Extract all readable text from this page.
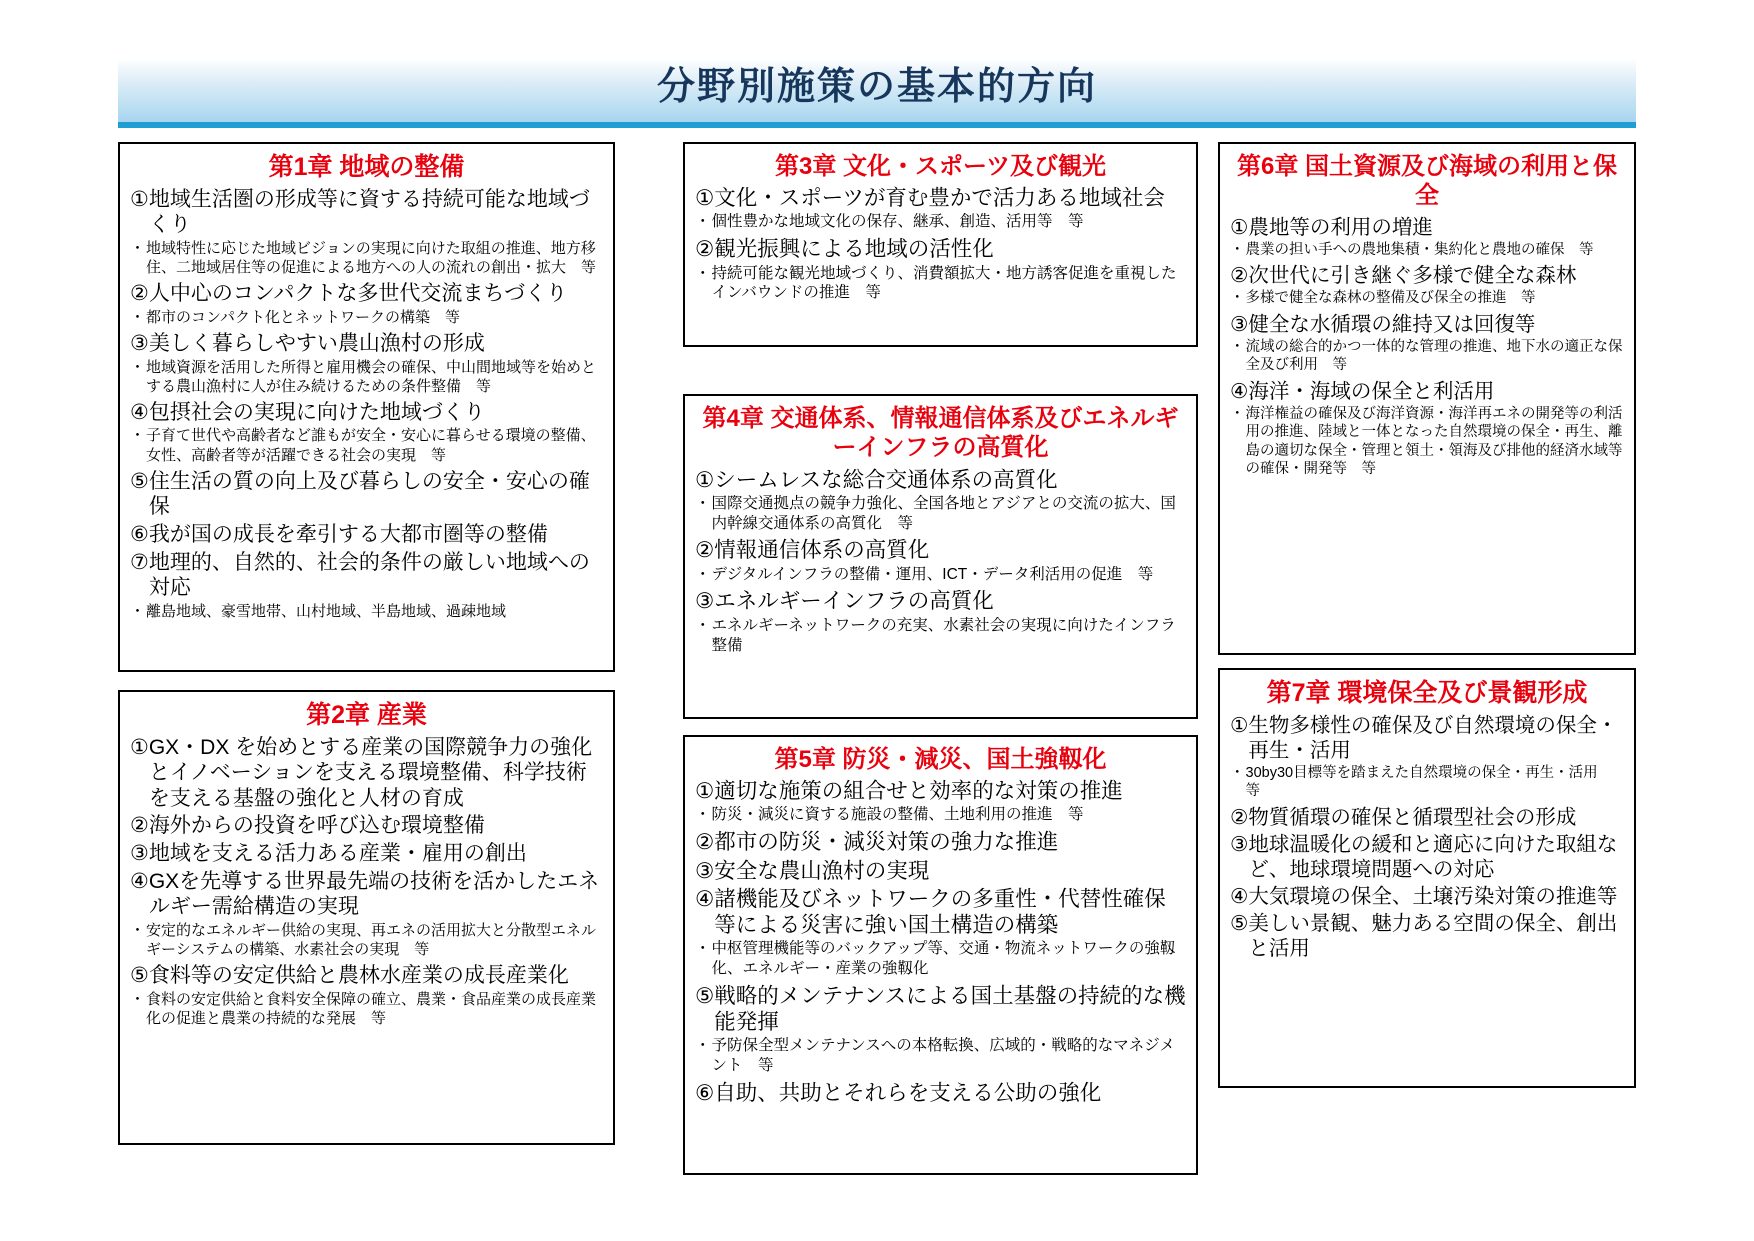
分野別施策の基本的方向
第1章 地域の整備
① 地域生活圏の形成等に資する持続可能な地域づくり
・ 地域特性に応じた地域ビジョンの実現に向けた取組の推進、地方移住、二地域居住等の促進による地方への人の流れの創出・拡大　等
② 人中心のコンパクトな多世代交流まちづくり
・ 都市のコンパクト化とネットワークの構築　等
③ 美しく暮らしやすい農山漁村の形成
・ 地域資源を活用した所得と雇用機会の確保、中山間地域等を始めとする農山漁村に人が住み続けるための条件整備　等
④ 包摂社会の実現に向けた地域づくり
・ 子育て世代や高齢者など誰もが安全・安心に暮らせる環境の整備、女性、高齢者等が活躍できる社会の実現　等
⑤ 住生活の質の向上及び暮らしの安全・安心の確保
⑥ 我が国の成長を牽引する大都市圏等の整備
⑦ 地理的、自然的、社会的条件の厳しい地域への対応
・ 離島地域、豪雪地帯、山村地域、半島地域、過疎地域
第2章 産業
① GX・DX を始めとする産業の国際競争力の強化とイノベーションを支える環境整備、科学技術を支える基盤の強化と人材の育成
② 海外からの投資を呼び込む環境整備
③ 地域を支える活力ある産業・雇用の創出
④ GXを先導する世界最先端の技術を活かしたエネルギー需給構造の実現
・ 安定的なエネルギー供給の実現、再エネの活用拡大と分散型エネルギーシステムの構築、水素社会の実現　等
⑤ 食料等の安定供給と農林水産業の成長産業化
・ 食料の安定供給と食料安全保障の確立、農業・食品産業の成長産業化の促進と農業の持続的な発展　等
第3章 文化・スポーツ及び観光
① 文化・スポーツが育む豊かで活力ある地域社会
・ 個性豊かな地域文化の保存、継承、創造、活用等　等
② 観光振興による地域の活性化
・ 持続可能な観光地域づくり、消費額拡大・地方誘客促進を重視したインバウンドの推進　等
第4章 交通体系、情報通信体系及びエネルギーインフラの高質化
① シームレスな総合交通体系の高質化
・ 国際交通拠点の競争力強化、全国各地とアジアとの交流の拡大、国内幹線交通体系の高質化　等
② 情報通信体系の高質化
・ デジタルインフラの整備・運用、ICT・データ利活用の促進　等
③ エネルギーインフラの高質化
・ エネルギーネットワークの充実、水素社会の実現に向けたインフラ整備
第5章 防災・減災、国土強靱化
① 適切な施策の組合せと効率的な対策の推進
・ 防災・減災に資する施設の整備、土地利用の推進　等
② 都市の防災・減災対策の強力な推進
③ 安全な農山漁村の実現
④ 諸機能及びネットワークの多重性・代替性確保等による災害に強い国土構造の構築
・ 中枢管理機能等のバックアップ等、交通・物流ネットワークの強靱化、エネルギー・産業の強靱化
⑤ 戦略的メンテナンスによる国土基盤の持続的な機能発揮
・ 予防保全型メンテナンスへの本格転換、広域的・戦略的なマネジメント　等
⑥ 自助、共助とそれらを支える公助の強化
第6章 国土資源及び海域の利用と保全
① 農地等の利用の増進
・ 農業の担い手への農地集積・集約化と農地の確保　等
② 次世代に引き継ぐ多様で健全な森林
・ 多様で健全な森林の整備及び保全の推進　等
③ 健全な水循環の維持又は回復等
・ 流域の総合的かつ一体的な管理の推進、地下水の適正な保全及び利用　等
④ 海洋・海域の保全と利活用
・ 海洋権益の確保及び海洋資源・海洋再エネの開発等の利活用の推進、陸域と一体となった自然環境の保全・再生、離島の適切な保全・管理と領土・領海及び排他的経済水域等の確保・開発等　等
第7章 環境保全及び景観形成
① 生物多様性の確保及び自然環境の保全・再生・活用
・ 30by30目標等を踏まえた自然環境の保全・再生・活用　等
② 物質循環の確保と循環型社会の形成
③ 地球温暖化の緩和と適応に向けた取組など、地球環境問題への対応
④ 大気環境の保全、土壌汚染対策の推進等
⑤ 美しい景観、魅力ある空間の保全、創出と活用
